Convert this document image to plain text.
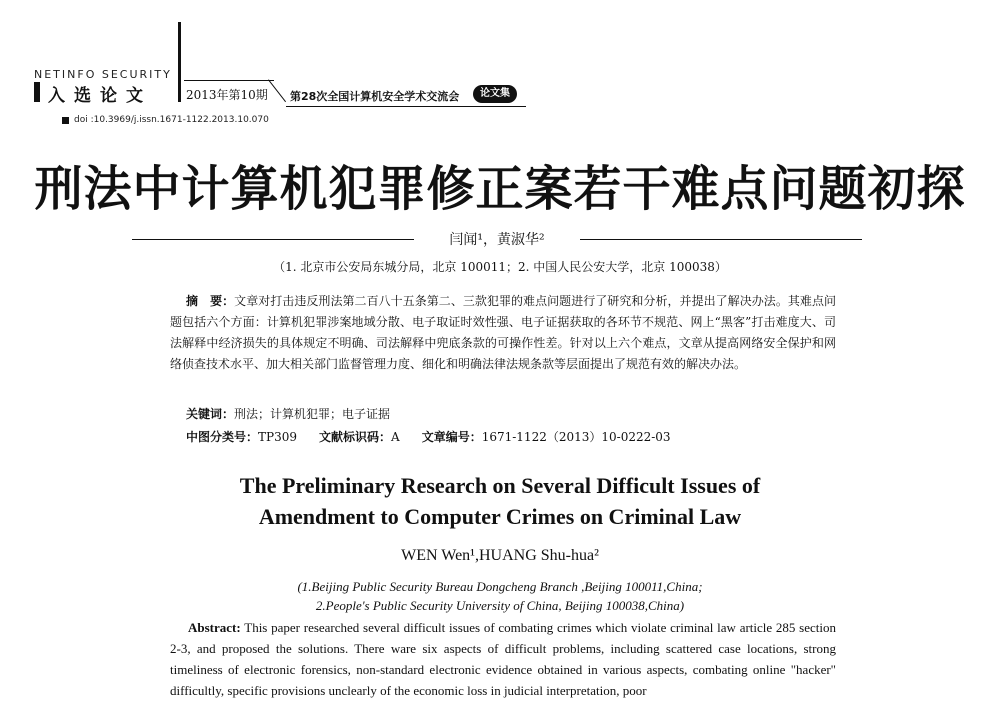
NETINFO SECURITY
入选论文	2013年第10期 第28次全国计算机安全学术交流会	论文集
doi :10.3969/j.issn.1671-1122.2013.10.070
刑法中计算机犯罪修正案若干难点问题初探
闫闻¹，黄淑华²
（1. 北京市公安局东城分局，北京 100011；2. 中国人民公安大学，北京 100038）
摘　要：文章对打击违反刑法第二百八十五条第二、三款犯罪的难点问题进行了研究和分析，并提出了解决办法。其难点问题包括六个方面：计算机犯罪涉案地域分散、电子取证时效性强、电子证据获取的各环节不规范、网上“黑客”打击难度大、司法解释中经济损失的具体规定不明确、司法解释中兜底条款的可操作性差。针对以上六个难点，文章从提高网络安全保护和网络侦查技术水平、加大相关部门监督管理力度、细化和明确法律法规条款等层面提出了规范有效的解决办法。
关键词：刑法；计算机犯罪；电子证据
中图分类号：TP309 文献标识码：A 文章编号：1671-1122（2013）10-0222-03
The Preliminary Research on Several Difficult Issues of
Amendment to Computer Crimes on Criminal Law
WEN Wen¹,HUANG Shu-hua²
(1.Beijing Public Security Bureau Dongcheng Branch ,Beijing 100011,China;
2.People's Public Security University of China, Beijing 100038,China)
Abstract: This paper researched several difficult issues of combating crimes which violate criminal law article 285 section 2-3, and proposed the solutions. There ware six aspects of difficult problems, including scattered case locations, strong timeliness of electronic forensics, non-standard electronic evidence obtained in various aspects, combating online "hacker" difficultly, specific provisions unclearly of the economic loss in judicial interpretation, poor
